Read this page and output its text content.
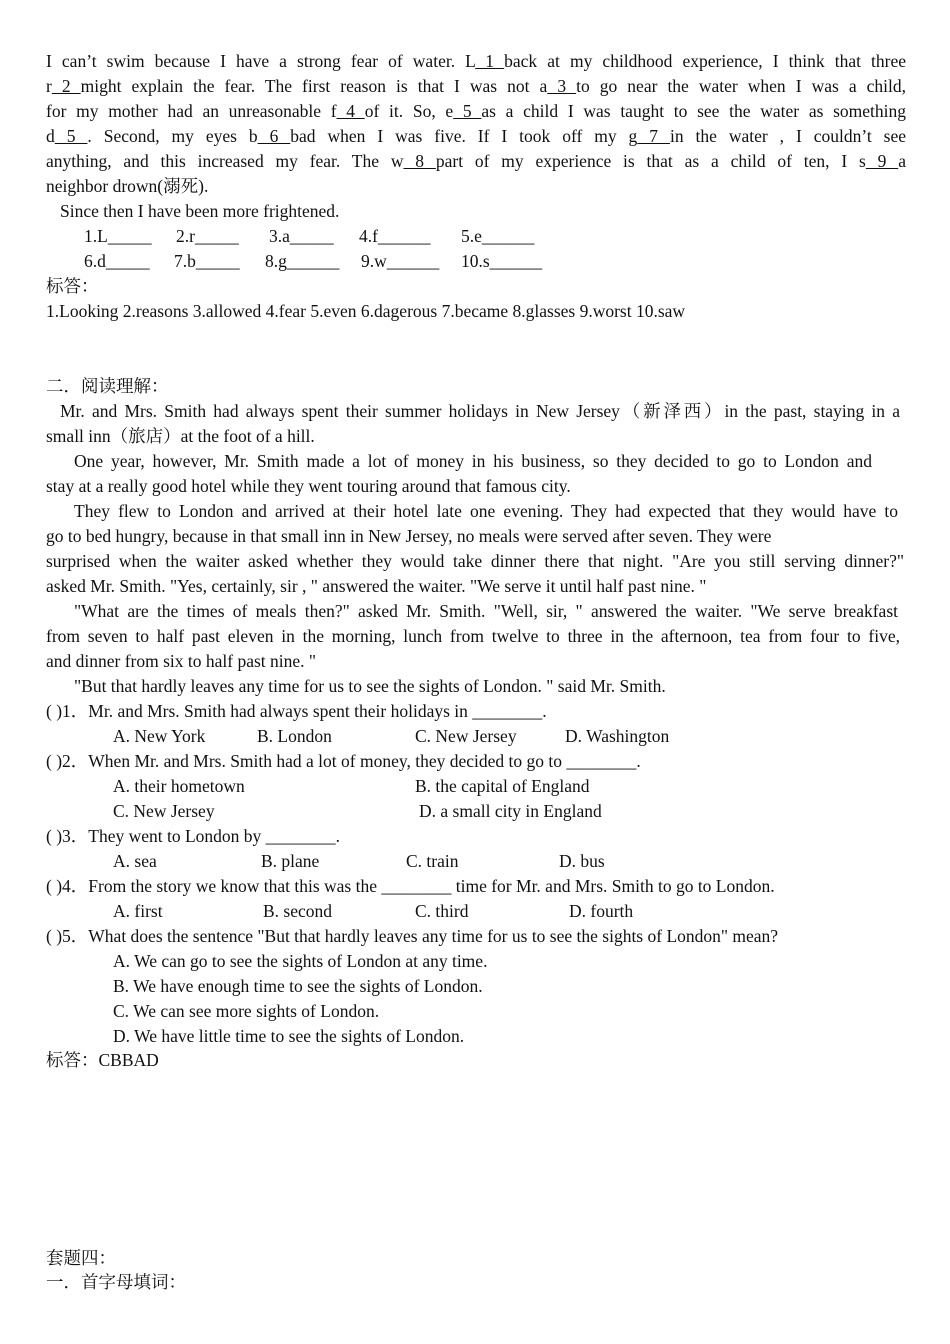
I can’t swim because I have a strong fear of water. L 1 back at my childhood experience, I think that three
r 2 might explain the fear. The first reason is that I was not a 3 to go near the water when I was a child,
for my mother had an unreasonable f 4 of it. So, e 5 as a child I was taught to see the water as something
d 5 . Second, my eyes b 6 bad when I was five. If I took off my g 7 in the water , I couldn’t see
anything, and this increased my fear. The w 8 part of my experience is that as a child of ten, I s 9 a
neighbor drown(溺死).
Since then I have been more frightened.
1.L_____ 2.r_____ 3.a_____ 4.f______ 5.e______
6.d_____ 7.b_____ 8.g______ 9.w______ 10.s______
标答：
1.Looking 2.reasons 3.allowed 4.fear 5.even 6.dagerous 7.became 8.glasses 9.worst 10.saw
二．阅读理解：
Mr. and Mrs. Smith had always spent their summer holidays in New Jersey（新泽西）in the past, staying in a
small inn（旅店）at the foot of a hill.
One year, however, Mr. Smith made a lot of money in his business, so they decided to go to London and
stay at a really good hotel while they went touring around that famous city.
They flew to London and arrived at their hotel late one evening. They had expected that they would have to
go to bed hungry, because in that small inn in New Jersey, no meals were served after seven. They were
surprised when the waiter asked whether they would take dinner there that night. "Are you still serving dinner?"
asked Mr. Smith. "Yes, certainly, sir , " answered the waiter. "We serve it until half past nine. "
"What are the times of meals then?" asked Mr. Smith. "Well, sir, " answered the waiter. "We serve breakfast
from seven to half past eleven in the morning, lunch from twelve to three in the afternoon, tea from four to five,
and dinner from six to half past nine. "
"But that hardly leaves any time for us to see the sights of London. " said Mr. Smith.
( )1．Mr. and Mrs. Smith had always spent their holidays in ________.
A. New York	B. London	C. New Jersey	D. Washington
( )2．When Mr. and Mrs. Smith had a lot of money, they decided to go to ________.
A. their hometown	B. the capital of England
C. New Jersey	D. a small city in England
( )3．They went to London by ________.
A. sea	B. plane	C. train	D. bus
( )4．From the story we know that this was the ________ time for Mr. and Mrs. Smith to go to London.
A. first	B. second	C. third	D. fourth
( )5．What does the sentence "But that hardly leaves any time for us to see the sights of London" mean?
A. We can go to see the sights of London at any time.
B. We have enough time to see the sights of London.
C. We can see more sights of London.
D. We have little time to see the sights of London.
标答：CBBAD
套题四：
一．首字母填词：
